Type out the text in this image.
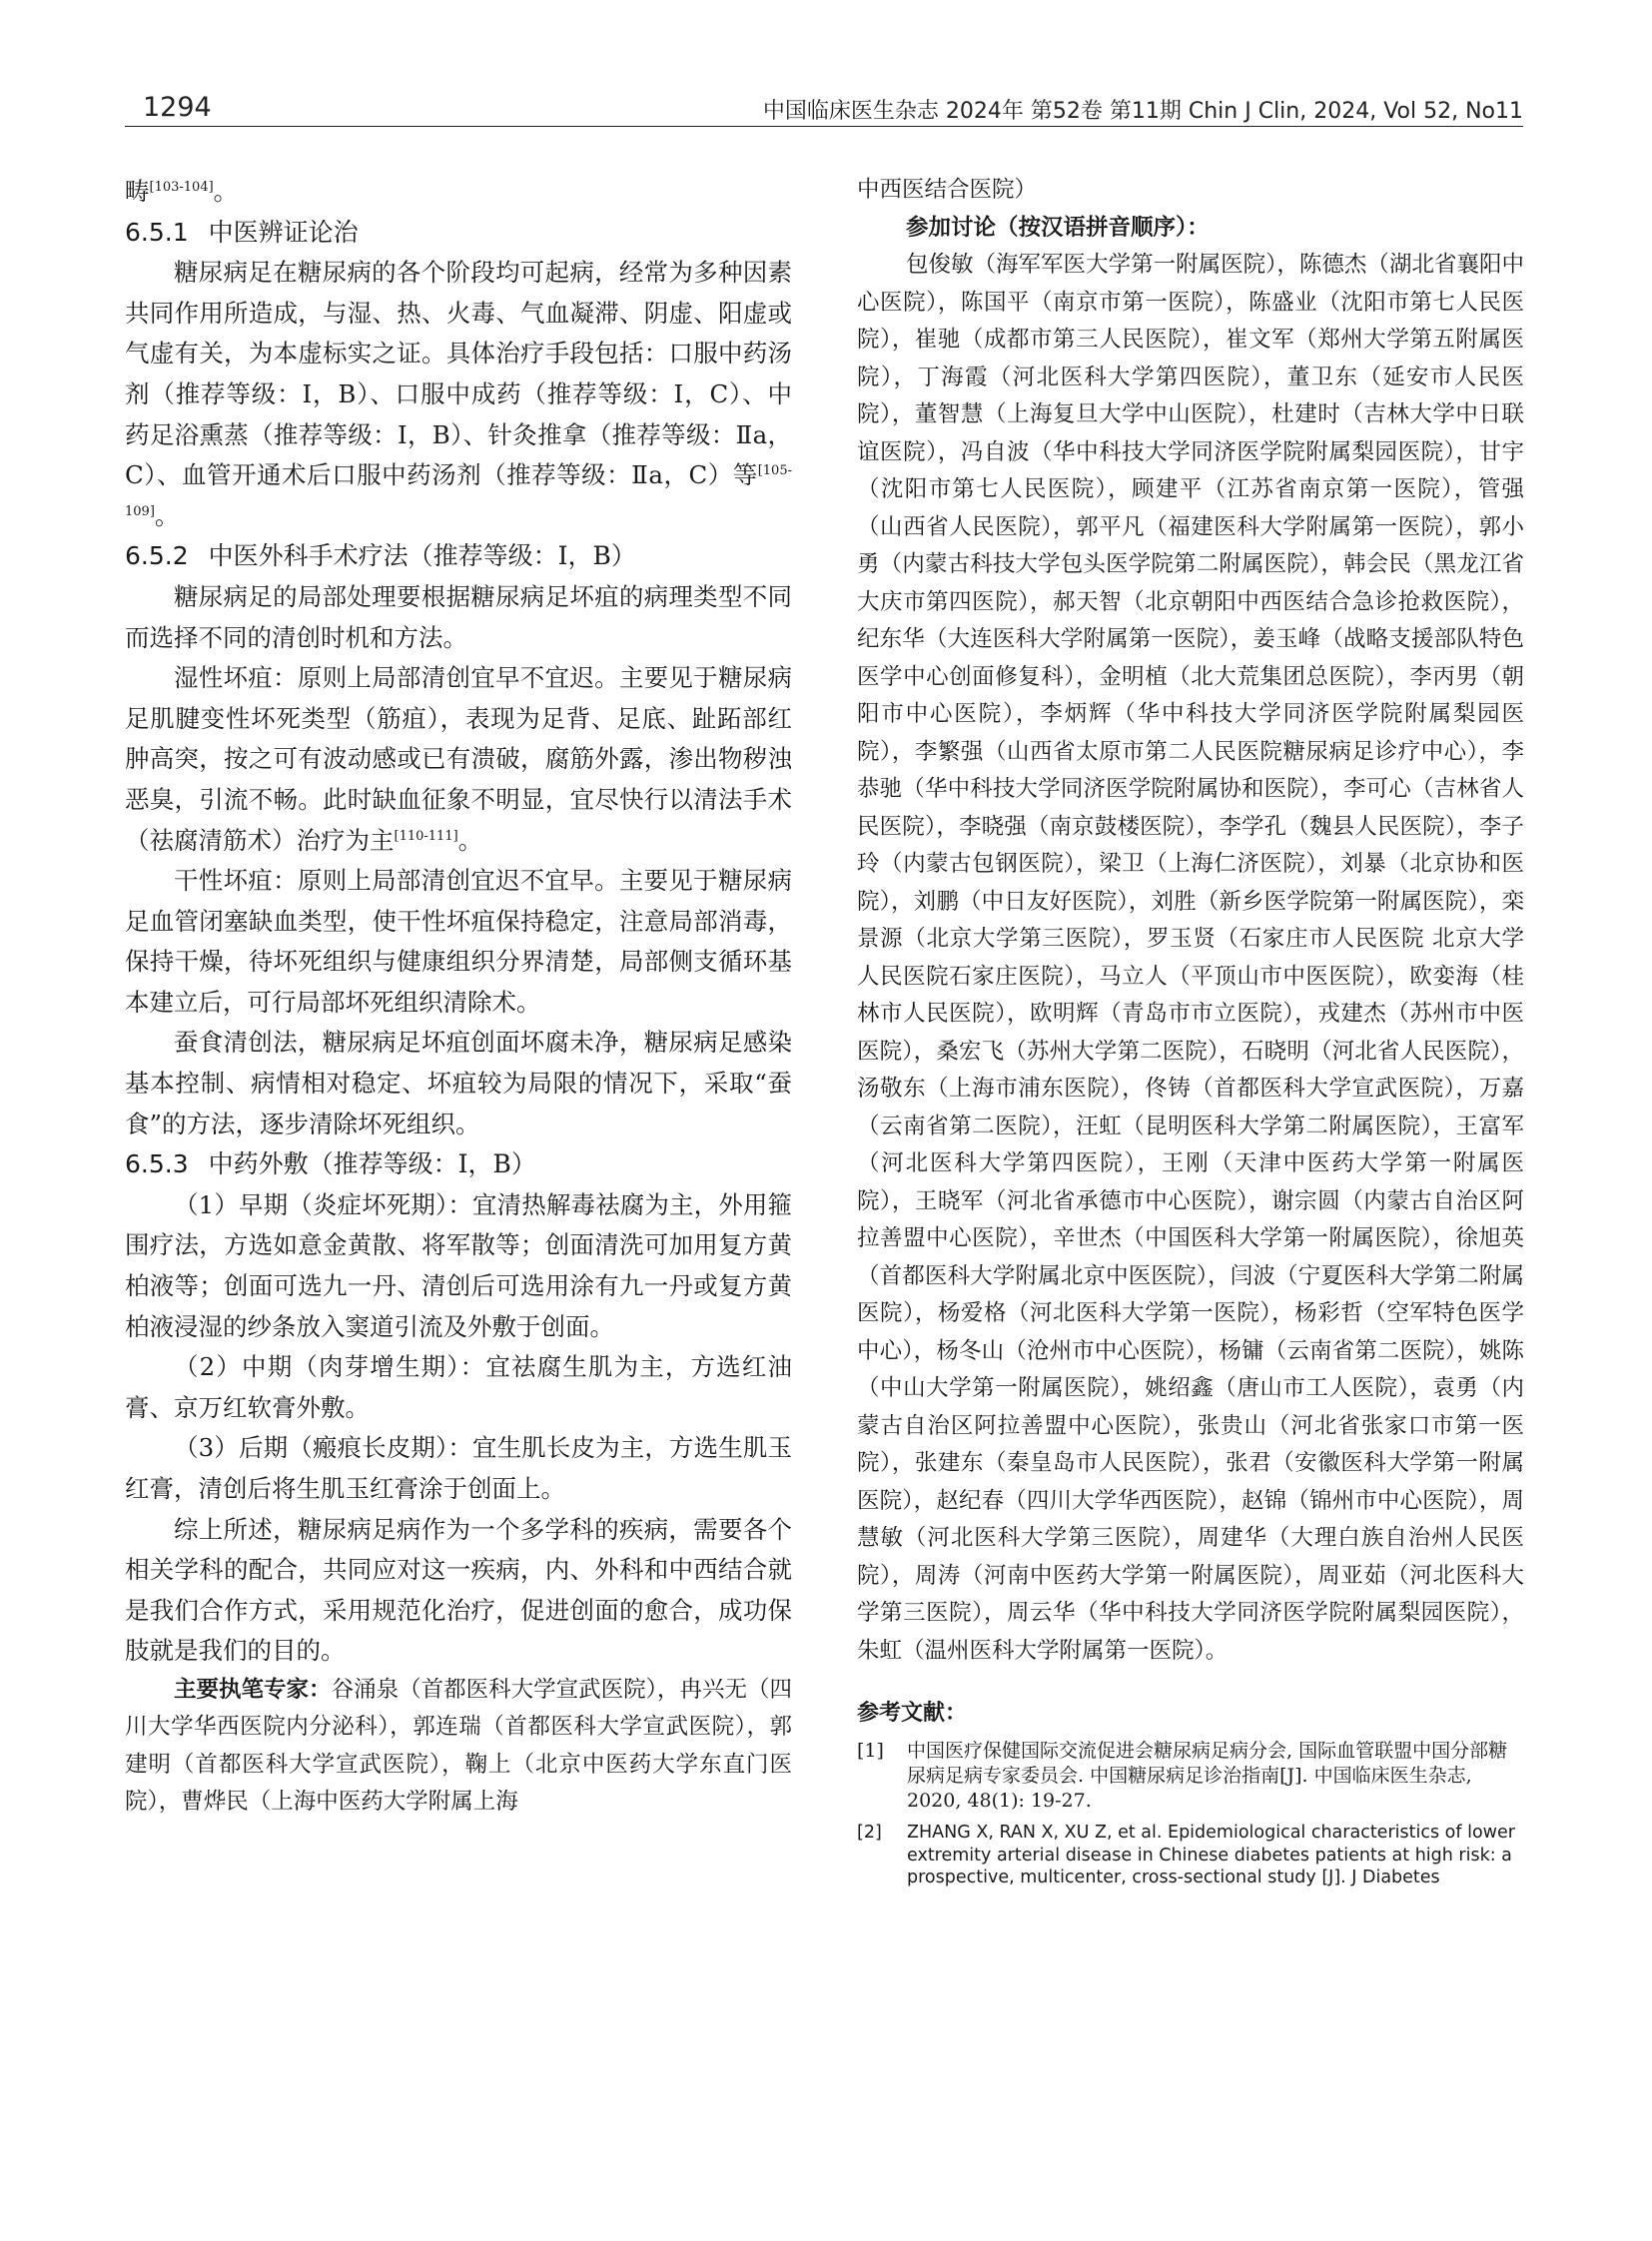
1294	中国临床医生杂志 2024年 第52卷 第11期 Chin J Clin, 2024, Vol 52, No11

畴[103-104]。

6.5.1 中医辨证论治

糖尿病足在糖尿病的各个阶段均可起病，经常为多种因素共同作用所造成，与湿、热、火毒、气血凝滞、阴虚、阳虚或气虚有关，为本虚标实之证。具体治疗手段包括：口服中药汤剂（推荐等级：Ⅰ，B）、口服中成药（推荐等级：Ⅰ，C）、中药足浴熏蒸（推荐等级：Ⅰ，B）、针灸推拿（推荐等级：Ⅱa，C）、血管开通术后口服中药汤剂（推荐等级：Ⅱa，C）等[105-109]。

6.5.2 中医外科手术疗法（推荐等级：Ⅰ，B）

糖尿病足的局部处理要根据糖尿病足坏疽的病理类型不同而选择不同的清创时机和方法。

湿性坏疽：原则上局部清创宜早不宜迟。主要见于糖尿病足肌腱变性坏死类型（筋疽），表现为足背、足底、趾跖部红肿高突，按之可有波动感或已有溃破，腐筋外露，渗出物秽浊恶臭，引流不畅。此时缺血征象不明显，宜尽快行以清法手术（祛腐清筋术）治疗为主[110-111]。

干性坏疽：原则上局部清创宜迟不宜早。主要见于糖尿病足血管闭塞缺血类型，使干性坏疽保持稳定，注意局部消毒，保持干燥，待坏死组织与健康组织分界清楚，局部侧支循环基本建立后，可行局部坏死组织清除术。

蚕食清创法，糖尿病足坏疽创面坏腐未净，糖尿病足感染基本控制、病情相对稳定、坏疽较为局限的情况下，采取“蚕食”的方法，逐步清除坏死组织。

6.5.3 中药外敷（推荐等级：Ⅰ，B）

（1）早期（炎症坏死期）：宜清热解毒祛腐为主，外用箍围疗法，方选如意金黄散、将军散等；创面清洗可加用复方黄柏液等；创面可选九一丹、清创后可选用涂有九一丹或复方黄柏液浸湿的纱条放入窦道引流及外敷于创面。

（2）中期（肉芽增生期）：宜祛腐生肌为主，方选红油膏、京万红软膏外敷。

（3）后期（瘢痕长皮期）：宜生肌长皮为主，方选生肌玉红膏，清创后将生肌玉红膏涂于创面上。

综上所述，糖尿病足病作为一个多学科的疾病，需要各个相关学科的配合，共同应对这一疾病，内、外科和中西结合就是我们合作方式，采用规范化治疗，促进创面的愈合，成功保肢就是我们的目的。

主要执笔专家：谷涌泉（首都医科大学宣武医院），冉兴无（四川大学华西医院内分泌科），郭连瑞（首都医科大学宣武医院），郭建明（首都医科大学宣武医院），鞠上（北京中医药大学东直门医院），曹烨民（上海中医药大学附属上海

中西医结合医院）

参加讨论（按汉语拼音顺序）：

包俊敏（海军军医大学第一附属医院），陈德杰（湖北省襄阳中心医院），陈国平（南京市第一医院），陈盛业（沈阳市第七人民医院），崔驰（成都市第三人民医院），崔文军（郑州大学第五附属医院），丁海霞（河北医科大学第四医院），董卫东（延安市人民医院），董智慧（上海复旦大学中山医院），杜建时（吉林大学中日联谊医院），冯自波（华中科技大学同济医学院附属梨园医院），甘宇（沈阳市第七人民医院），顾建平（江苏省南京第一医院），管强（山西省人民医院），郭平凡（福建医科大学附属第一医院），郭小勇（内蒙古科技大学包头医学院第二附属医院），韩会民（黑龙江省大庆市第四医院），郝天智（北京朝阳中西医结合急诊抢救医院），纪东华（大连医科大学附属第一医院），姜玉峰（战略支援部队特色医学中心创面修复科），金明植（北大荒集团总医院），李丙男（朝阳市中心医院），李炳辉（华中科技大学同济医学院附属梨园医院），李繁强（山西省太原市第二人民医院糖尿病足诊疗中心），李恭驰（华中科技大学同济医学院附属协和医院），李可心（吉林省人民医院），李晓强（南京鼓楼医院），李学孔（魏县人民医院），李子玲（内蒙古包钢医院），梁卫（上海仁济医院），刘暴（北京协和医院），刘鹏（中日友好医院），刘胜（新乡医学院第一附属医院），栾景源（北京大学第三医院），罗玉贤（石家庄市人民医院 北京大学人民医院石家庄医院），马立人（平顶山市中医医院），欧娈海（桂林市人民医院），欧明辉（青岛市市立医院），戎建杰（苏州市中医医院），桑宏飞（苏州大学第二医院），石晓明（河北省人民医院），汤敬东（上海市浦东医院），佟铸（首都医科大学宣武医院），万嘉（云南省第二医院），汪虹（昆明医科大学第二附属医院），王富军（河北医科大学第四医院），王刚（天津中医药大学第一附属医院），王晓军（河北省承德市中心医院），谢宗圆（内蒙古自治区阿拉善盟中心医院），辛世杰（中国医科大学第一附属医院），徐旭英（首都医科大学附属北京中医医院），闫波（宁夏医科大学第二附属医院），杨爱格（河北医科大学第一医院），杨彩哲（空军特色医学中心），杨冬山（沧州市中心医院），杨镛（云南省第二医院），姚陈（中山大学第一附属医院），姚绍鑫（唐山市工人医院），袁勇（内蒙古自治区阿拉善盟中心医院），张贵山（河北省张家口市第一医院），张建东（秦皇岛市人民医院），张君（安徽医科大学第一附属医院），赵纪春（四川大学华西医院），赵锦（锦州市中心医院），周慧敏（河北医科大学第三医院），周建华（大理白族自治州人民医院），周涛（河南中医药大学第一附属医院），周亚茹（河北医科大学第三医院），周云华（华中科技大学同济医学院附属梨园医院），朱虹（温州医科大学附属第一医院）。

参考文献：
[1] 中国医疗保健国际交流促进会糖尿病足病分会, 国际血管联盟中国分部糖尿病足病专家委员会. 中国糖尿病足诊治指南[J]. 中国临床医生杂志, 2020, 48(1): 19-27.
[2] ZHANG X, RAN X, XU Z, et al. Epidemiological characteristics of lower extremity arterial disease in Chinese diabetes patients at high risk: a prospective, multicenter, cross-sectional study [J]. J Diabetes
